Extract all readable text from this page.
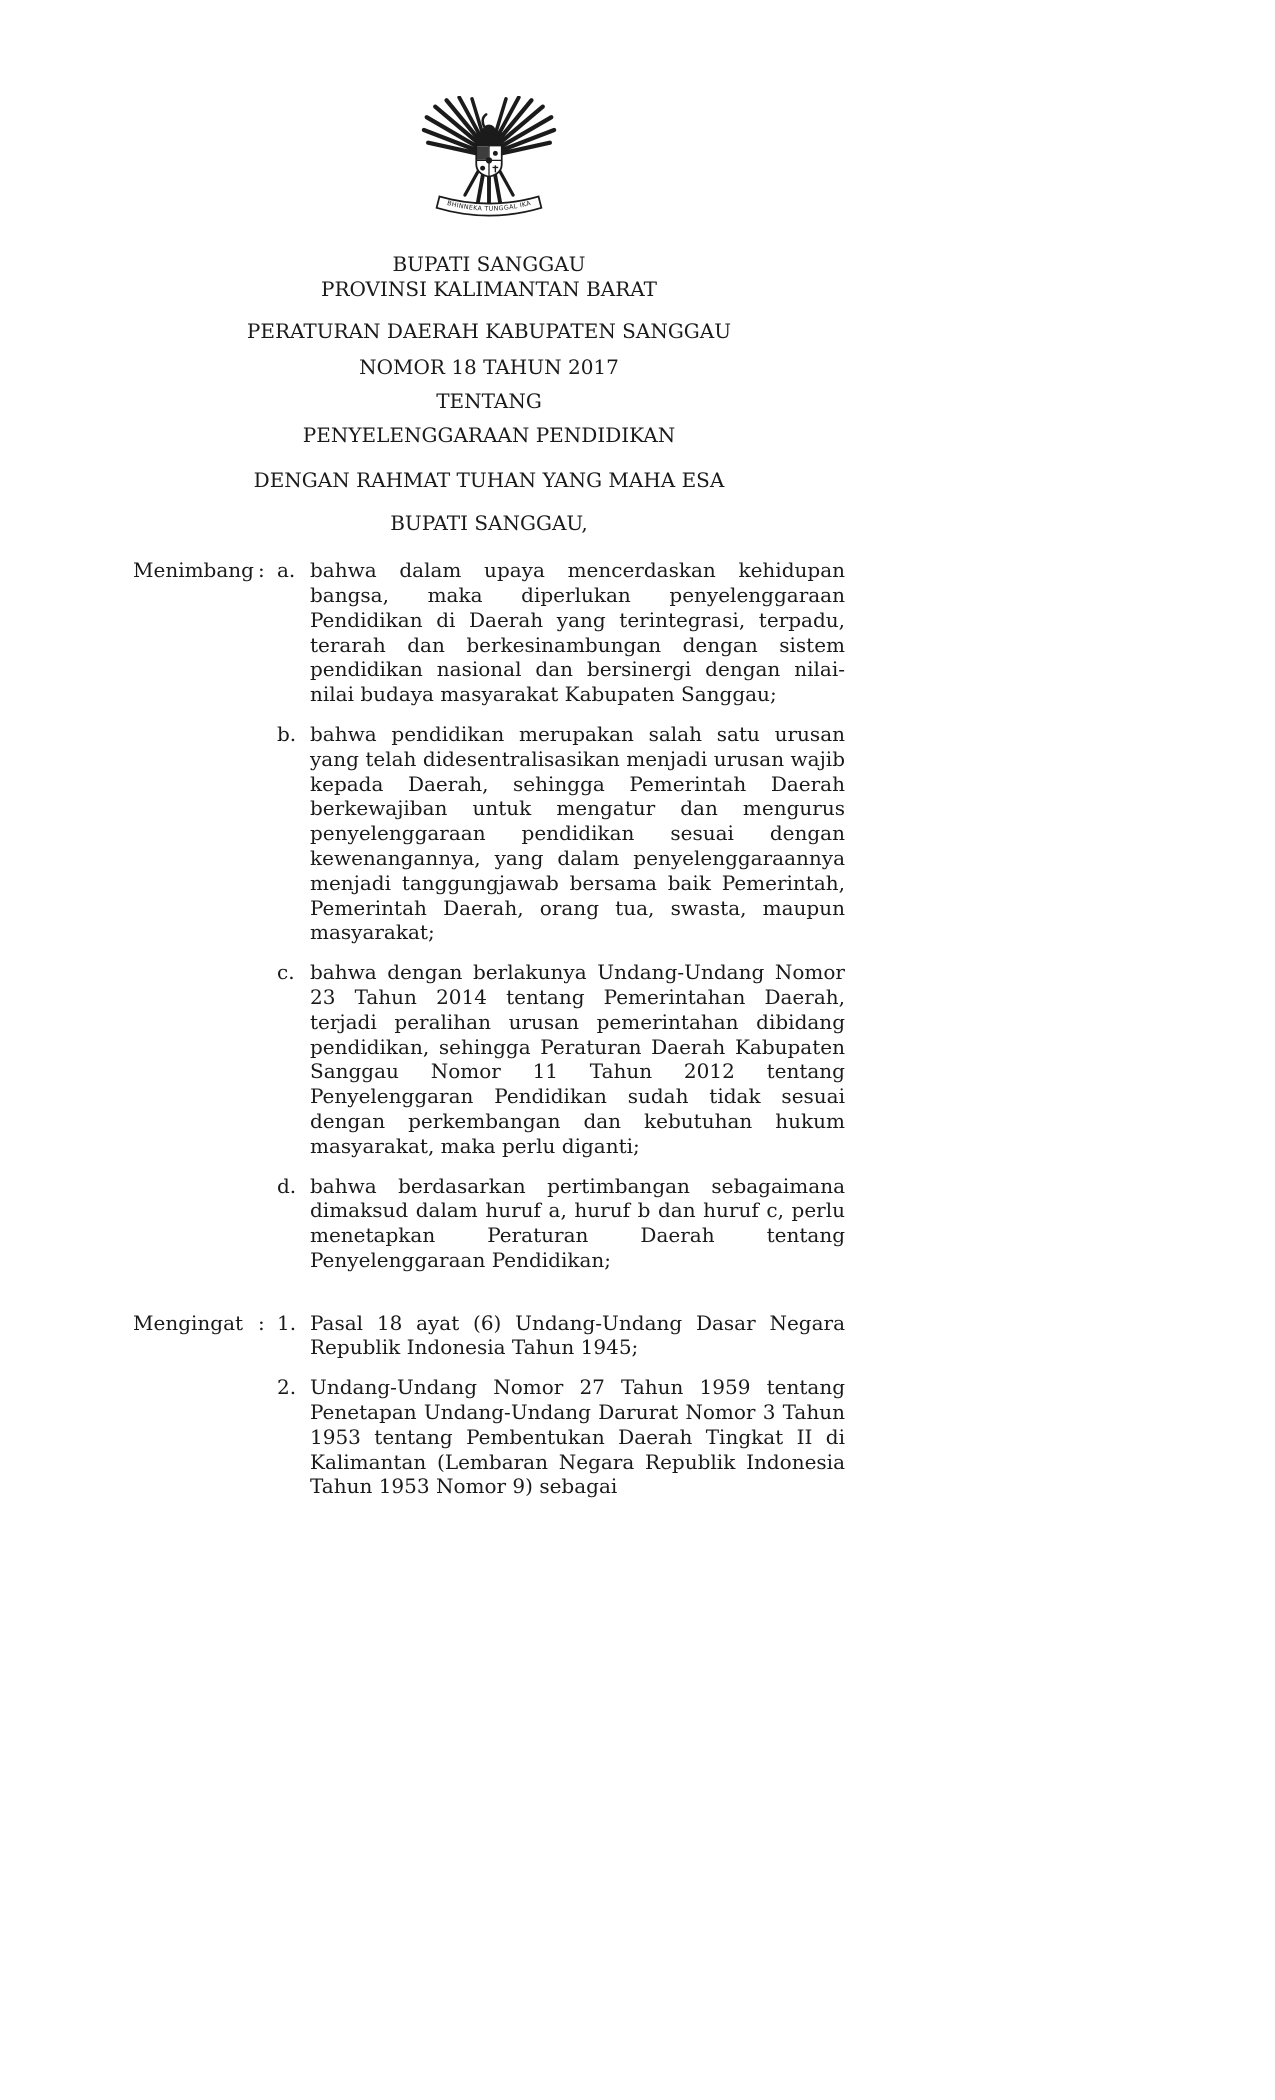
BHINNEKA TUNGGAL IKA
BUPATI SANGGAU
PROVINSI KALIMANTAN BARAT
PERATURAN DAERAH KABUPATEN SANGGAU
NOMOR 18 TAHUN 2017
TENTANG
PENYELENGGARAAN PENDIDIKAN
DENGAN RAHMAT TUHAN YANG MAHA ESA
BUPATI SANGGAU,
Menimbang : a. bahwa dalam upaya mencerdaskan kehidupan bangsa, maka diperlukan penyelenggaraan Pendidikan di Daerah yang terintegrasi, terpadu, terarah dan berkesinambungan dengan sistem pendidikan nasional dan bersinergi dengan nilai-nilai budaya masyarakat Kabupaten Sanggau;
b. bahwa pendidikan merupakan salah satu urusan yang telah didesentralisasikan menjadi urusan wajib kepada Daerah, sehingga Pemerintah Daerah berkewajiban untuk mengatur dan mengurus penyelenggaraan pendidikan sesuai dengan kewenangannya, yang dalam penyelenggaraannya menjadi tanggungjawab bersama baik Pemerintah, Pemerintah Daerah, orang tua, swasta, maupun masyarakat;
c. bahwa dengan berlakunya Undang-Undang Nomor 23 Tahun 2014 tentang Pemerintahan Daerah, terjadi peralihan urusan pemerintahan dibidang pendidikan, sehingga Peraturan Daerah Kabupaten Sanggau Nomor 11 Tahun 2012 tentang Penyelenggaran Pendidikan sudah tidak sesuai dengan perkembangan dan kebutuhan hukum masyarakat, maka perlu diganti;
d. bahwa berdasarkan pertimbangan sebagaimana dimaksud dalam huruf a, huruf b dan huruf c, perlu menetapkan Peraturan Daerah tentang Penyelenggaraan Pendidikan;
Mengingat : 1. Pasal 18 ayat (6) Undang-Undang Dasar Negara Republik Indonesia Tahun 1945;
2. Undang-Undang Nomor 27 Tahun 1959 tentang Penetapan Undang-Undang Darurat Nomor 3 Tahun 1953 tentang Pembentukan Daerah Tingkat II di Kalimantan (Lembaran Negara Republik Indonesia Tahun 1953 Nomor 9) sebagai
